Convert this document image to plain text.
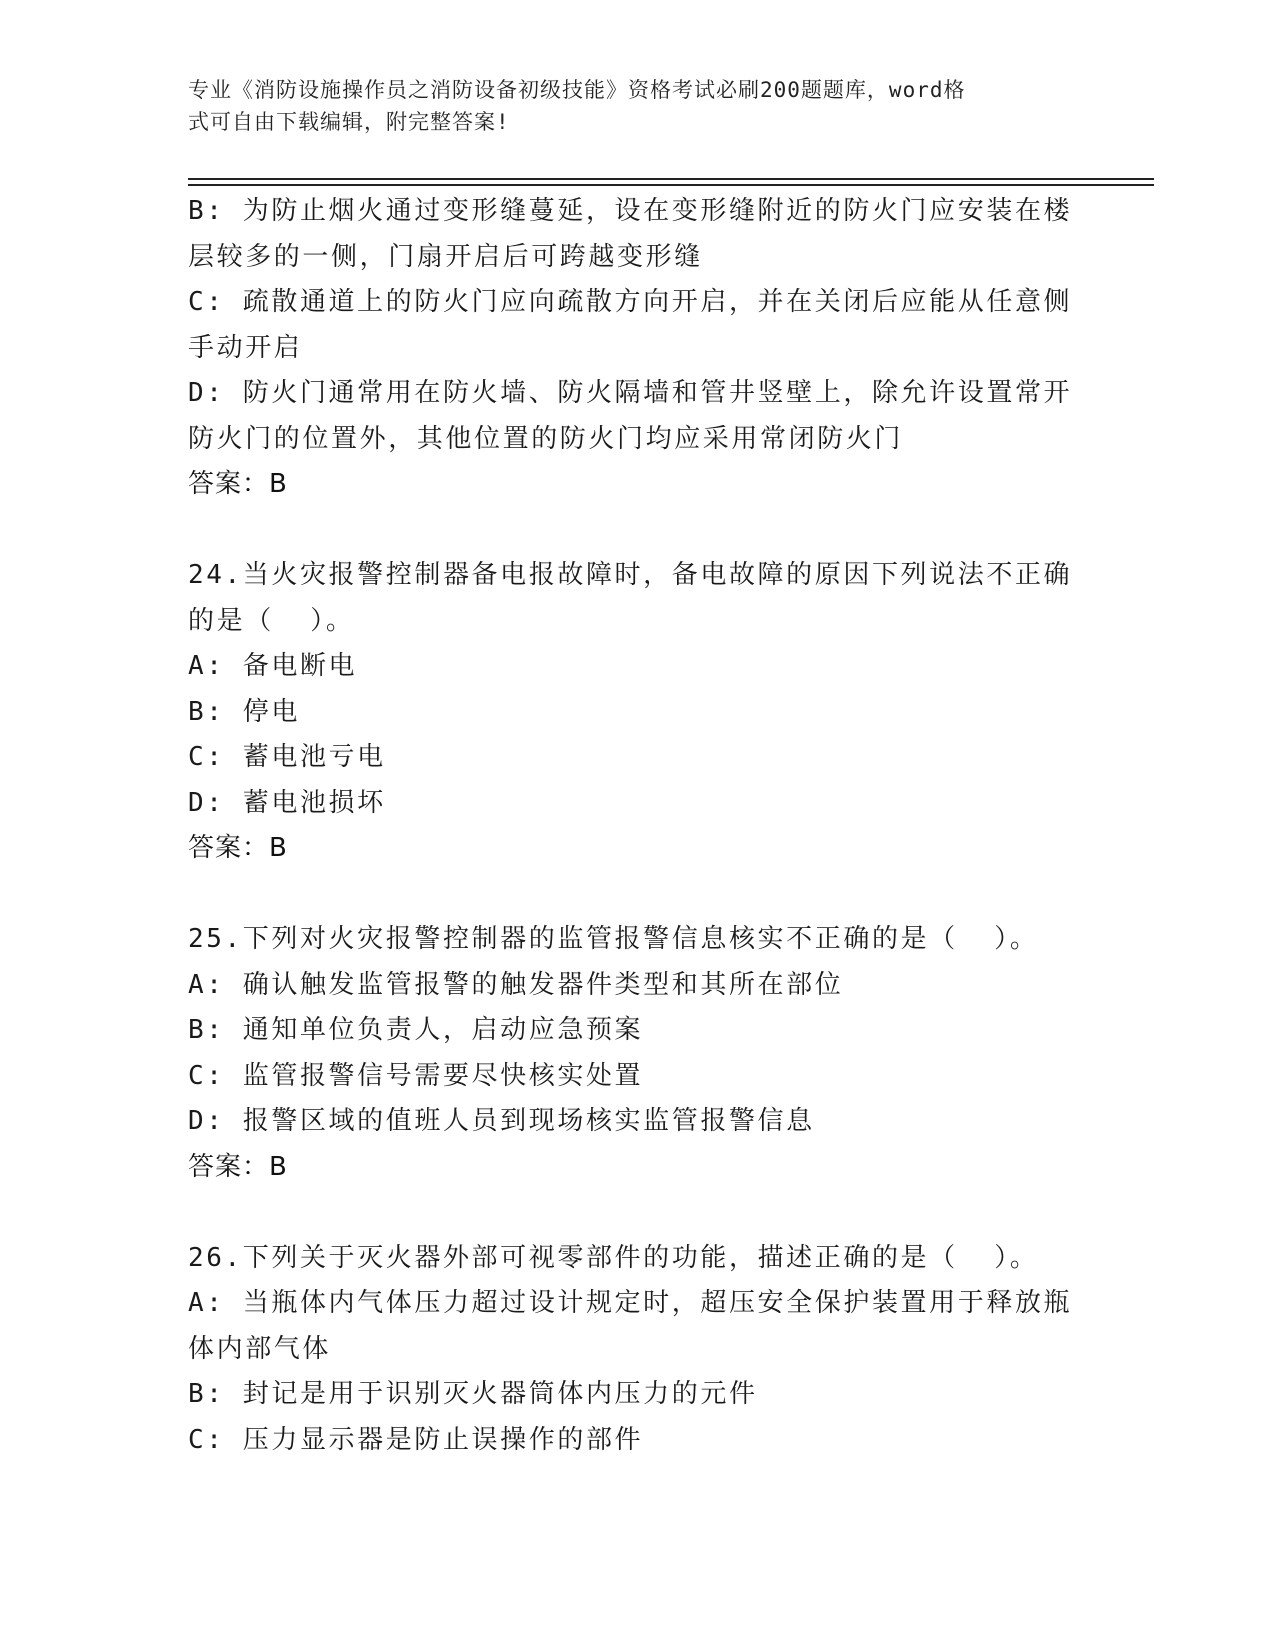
专业《消防设施操作员之消防设备初级技能》资格考试必刷200题题库，word格
式可自由下载编辑，附完整答案!
B: 为防止烟火通过变形缝蔓延，设在变形缝附近的防火门应安装在楼
层较多的一侧，门扇开启后可跨越变形缝
C: 疏散通道上的防火门应向疏散方向开启，并在关闭后应能从任意侧
手动开启
D: 防火门通常用在防火墙、防火隔墙和管井竖壁上，除允许设置常开
防火门的位置外，其他位置的防火门均应采用常闭防火门
答案：B
24.当火灾报警控制器备电报故障时，备电故障的原因下列说法不正确
的是（  ）。
A: 备电断电
B: 停电
C: 蓄电池亏电
D: 蓄电池损坏
答案：B
25.下列对火灾报警控制器的监管报警信息核实不正确的是（  ）。
A: 确认触发监管报警的触发器件类型和其所在部位
B: 通知单位负责人，启动应急预案
C: 监管报警信号需要尽快核实处置
D: 报警区域的值班人员到现场核实监管报警信息
答案：B
26.下列关于灭火器外部可视零部件的功能，描述正确的是（  ）。
A: 当瓶体内气体压力超过设计规定时，超压安全保护装置用于释放瓶
体内部气体
B: 封记是用于识别灭火器筒体内压力的元件
C: 压力显示器是防止误操作的部件
